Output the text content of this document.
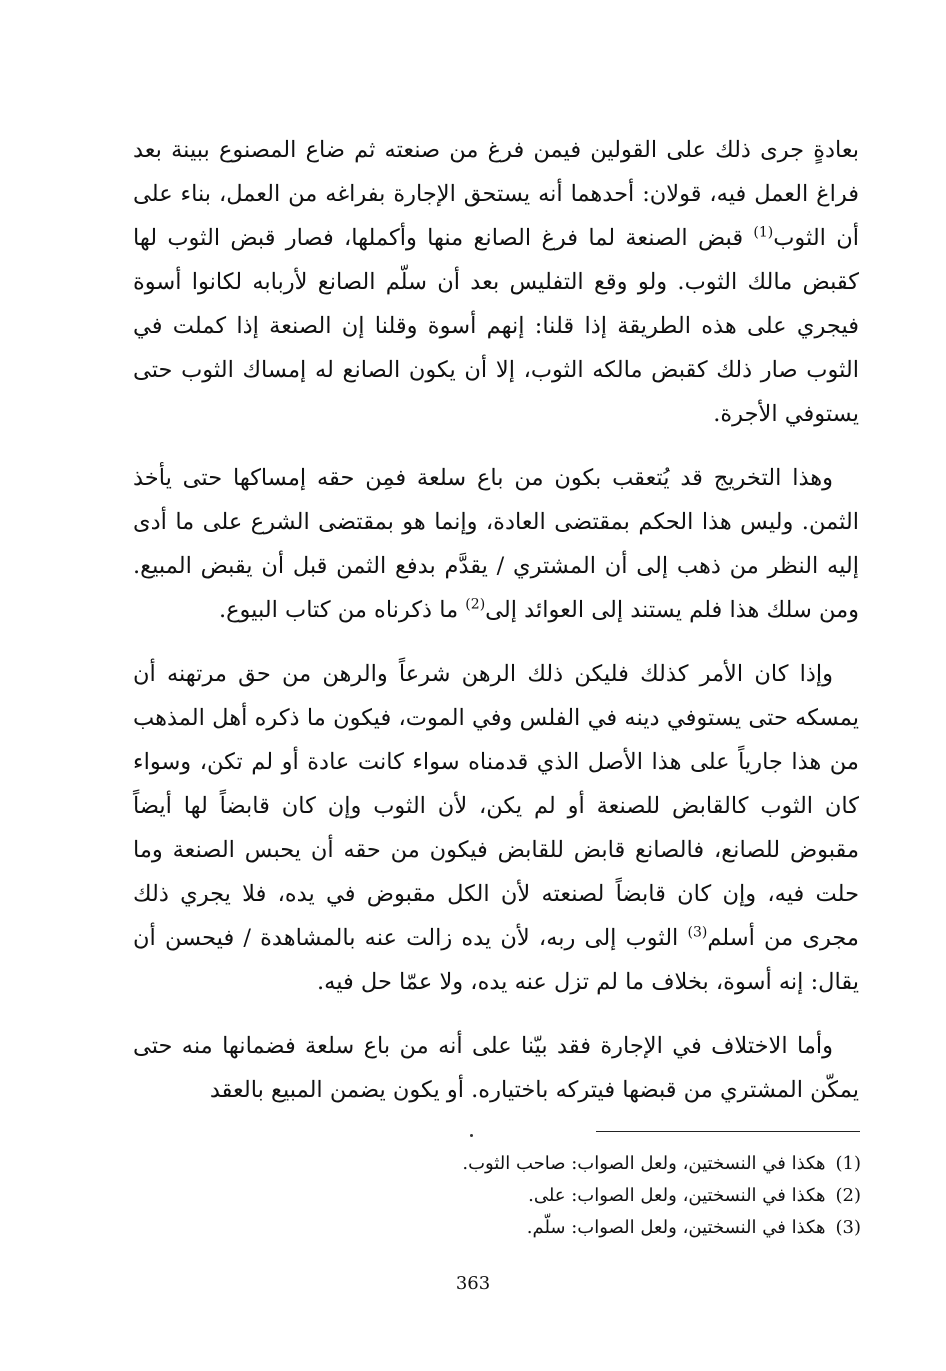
بعادةٍ جرى ذلك على القولين فيمن فرغ من صنعته ثم ضاع المصنوع ببينة بعد فراغ العمل فيه، قولان: أحدهما أنه يستحق الإجارة بفراغه من العمل، بناء على أن الثوب$^{(1)}$ قبض الصنعة لما فرغ الصانع منها وأكملها، فصار قبض الثوب لها كقبض مالك الثوب. ولو وقع التفليس بعد أن سلّم الصانع لأربابه لكانوا أسوة فيجري على هذه الطريقة إذا قلنا: إنهم أسوة وقلنا إن الصنعة إذا كملت في الثوب صار ذلك كقبض مالكه الثوب، إلا أن يكون الصانع له إمساك الثوب حتى يستوفي الأجرة.

وهذا التخريج قد يُتعقب بكون من باع سلعة فمِن حقه إمساكها حتى يأخذ الثمن. وليس هذا الحكم بمقتضى العادة، وإنما هو بمقتضى الشرع على ما أدى إليه النظر من ذهب إلى أن المشتري / يقدَّم بدفع الثمن قبل أن يقبض المبيع. ومن سلك هذا فلم يستند إلى العوائد إلى$^{(2)}$ ما ذكرناه من كتاب البيوع.

وإذا كان الأمر كذلك فليكن ذلك الرهن شرعاً والرهن من حق مرتهنه أن يمسكه حتى يستوفي دينه في الفلس وفي الموت، فيكون ما ذكره أهل المذهب من هذا جارياً على هذا الأصل الذي قدمناه سواء كانت عادة أو لم تكن، وسواء كان الثوب كالقابض للصنعة أو لم يكن، لأن الثوب وإن كان قابضاً لها أيضاً مقبوض للصانع، فالصانع قابض للقابض فيكون من حقه أن يحبس الصنعة وما حلت فيه، وإن كان قابضاً لصنعته لأن الكل مقبوض في يده، فلا يجري ذلك مجرى من أسلم$^{(3)}$ الثوب إلى ربه، لأن يده زالت عنه بالمشاهدة / فيحسن أن يقال: إنه أسوة، بخلاف ما لم تزل عنه يده، ولا عمّا حل فيه.

وأما الاختلاف في الإجارة فقد بيّنا على أنه من باع سلعة فضمانها منه حتى يمكّن المشتري من قبضها فيتركه باختياره. أو يكون يضمن المبيع بالعقد

(1)هكذا في النسختين، ولعل الصواب: صاحب الثوب.

(2)هكذا في النسختين، ولعل الصواب: على.

(3)هكذا في النسختين، ولعل الصواب: سلّم.

363
